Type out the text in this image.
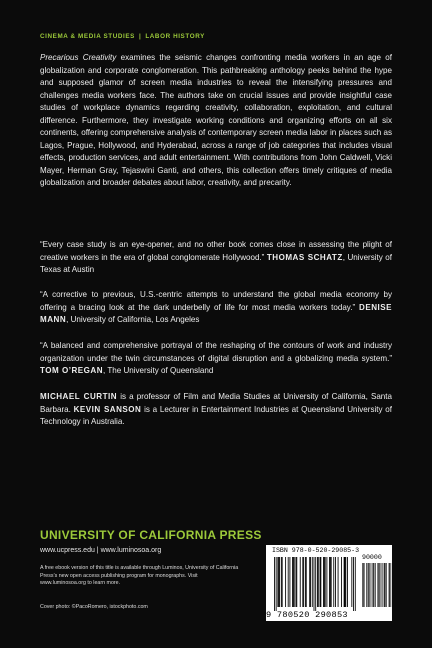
CINEMA & MEDIA STUDIES | LABOR HISTORY

Precarious Creativity examines the seismic changes confronting media workers in an age of globalization and corporate conglomeration. This pathbreaking anthology peeks behind the hype and supposed glamor of screen media industries to reveal the intensifying pressures and challenges media workers face. The authors take on crucial issues and provide insightful case studies of workplace dynamics regarding creativity, collaboration, exploitation, and cultural difference. Furthermore, they investigate working conditions and organizing efforts on all six continents, offering comprehensive analysis of contemporary screen media labor in places such as Lagos, Prague, Hollywood, and Hyderabad, across a range of job categories that includes visual effects, production services, and adult entertainment. With contributions from John Caldwell, Vicki Mayer, Herman Gray, Tejaswini Ganti, and others, this collection offers timely critiques of media globalization and broader debates about labor, creativity, and precarity.

“Every case study is an eye-opener, and no other book comes close in assessing the plight of creative workers in the era of global conglomerate Hollywood.” THOMAS SCHATZ, University of Texas at Austin

“A corrective to previous, U.S.-centric attempts to understand the global media economy by offering a bracing look at the dark underbelly of life for most media workers today.” DENISE MANN, University of California, Los Angeles

“A balanced and comprehensive portrayal of the reshaping of the contours of work and industry organization under the twin circumstances of digital disruption and a globalizing media system.” TOM O’REGAN, The University of Queensland

MICHAEL CURTIN is a professor of Film and Media Studies at University of California, Santa Barbara. KEVIN SANSON is a Lecturer in Entertainment Industries at Queensland University of Technology in Australia.

UNIVERSITY OF CALIFORNIA PRESS
www.ucpress.edu | www.luminosoa.org
A free ebook version of this title is available through Luminos, University of California Press’s new open access publishing program for monographs. Visit www.luminosoa.org to learn more.
Cover photo: ©PacoRomero, istockphoto.com
ISBN 978-0-520-29085-3
90000
9 780520 290853
